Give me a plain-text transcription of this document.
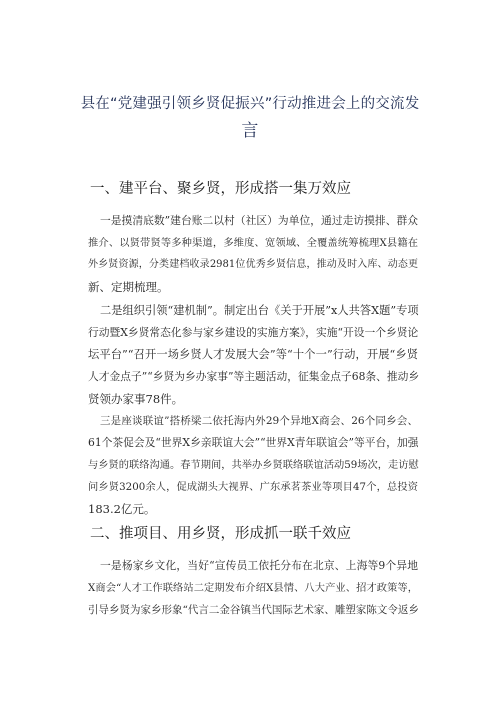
县在“党建强引领乡贤促振兴”行动推进会上的交流发
言
一、建平台、聚乡贤，形成搭一集万效应
一是摸清底数”建台账二以村（社区）为单位，通过走访摸排、群众
推介、以贤带贤等多种渠道，多维度、宽领域、全覆盖统筹梳理X县籍在
外乡贤资源，分类建档收录2981位优秀乡贤信息，推动及时入库、动态更
新、定期梳理。
二是组织引领“建机制”。制定出台《关于开展”x人共答X题”专项
行动暨X乡贤常态化参与家乡建设的实施方案》，实施“开设一个乡贤论
坛平台”“召开一场乡贤人才发展大会”等“十个一”行动，开展“乡贤
人才金点子”“乡贤为乡办家事”等主题活动，征集金点子68条、推动乡
贤领办家事78件。
三是座谈联谊”搭桥梁二依托海内外29个异地X商会、26个同乡会、
61个茶促会及“世界X乡亲联谊大会”“世界X青年联谊会”等平台，加强
与乡贤的联络沟通。春节期间，共举办乡贤联络联谊活动59场次，走访慰
问乡贤3200余人，促成湖头大视界、广东承茗茶业等项目47个，总投资
183.2亿元。
二、推项目、用乡贤，形成抓一联千效应
一是杨家乡文化，当好“宣传员工依托分布在北京、上海等9个异地
X商会“人才工作联络站二定期发布介绍X县情、八大产业、招才政策等，
引导乡贤为家乡形象“代言二金谷镇当代国际艺术家、雕塑家陈文令返乡
